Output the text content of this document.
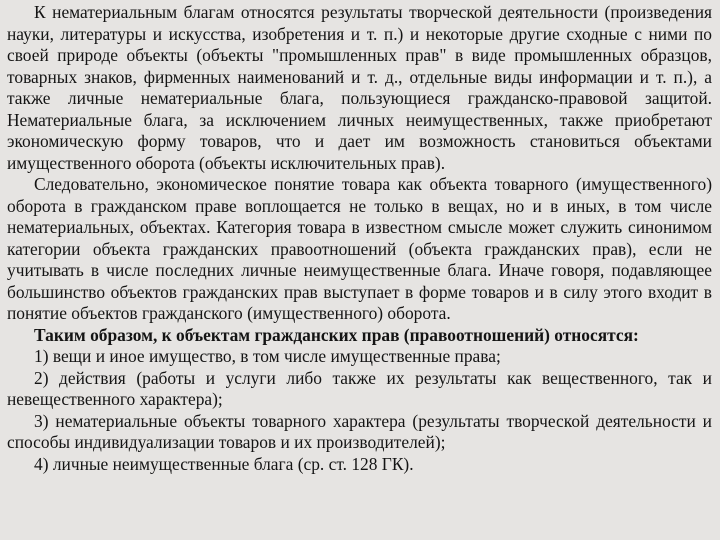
К нематериальным благам относятся результаты творческой деятельности (произведения науки, литературы и искусства, изобретения и т. п.) и некоторые другие сходные с ними по своей природе объекты (объекты "промышленных прав" в виде промышленных образцов, товарных знаков, фирменных наименований и т. д., отдельные виды информации и т. п.), а также личные нематериальные блага, пользующиеся гражданско-правовой защитой. Нематериальные блага, за исключением личных неимущественных, также приобретают экономическую форму товаров, что и дает им возможность становиться объектами имущественного оборота (объекты исключительных прав).

Следовательно, экономическое понятие товара как объекта товарного (имущественного) оборота в гражданском праве воплощается не только в вещах, но и в иных, в том числе нематериальных, объектах. Категория товара в известном смысле может служить синонимом категории объекта гражданских правоотношений (объекта гражданских прав), если не учитывать в числе последних личные неимущественные блага. Иначе говоря, подавляющее большинство объектов гражданских прав выступает в форме товаров и в силу этого входит в понятие объектов гражданского (имущественного) оборота.

Таким образом, к объектам гражданских прав (правоотношений) относятся:

1) вещи и иное имущество, в том числе имущественные права;

2) действия (работы и услуги либо также их результаты как вещественного, так и невещественного характера);

3) нематериальные объекты товарного характера (результаты творческой деятельности и способы индивидуализации товаров и их производителей);

4) личные неимущественные блага (ср. ст. 128 ГК).
